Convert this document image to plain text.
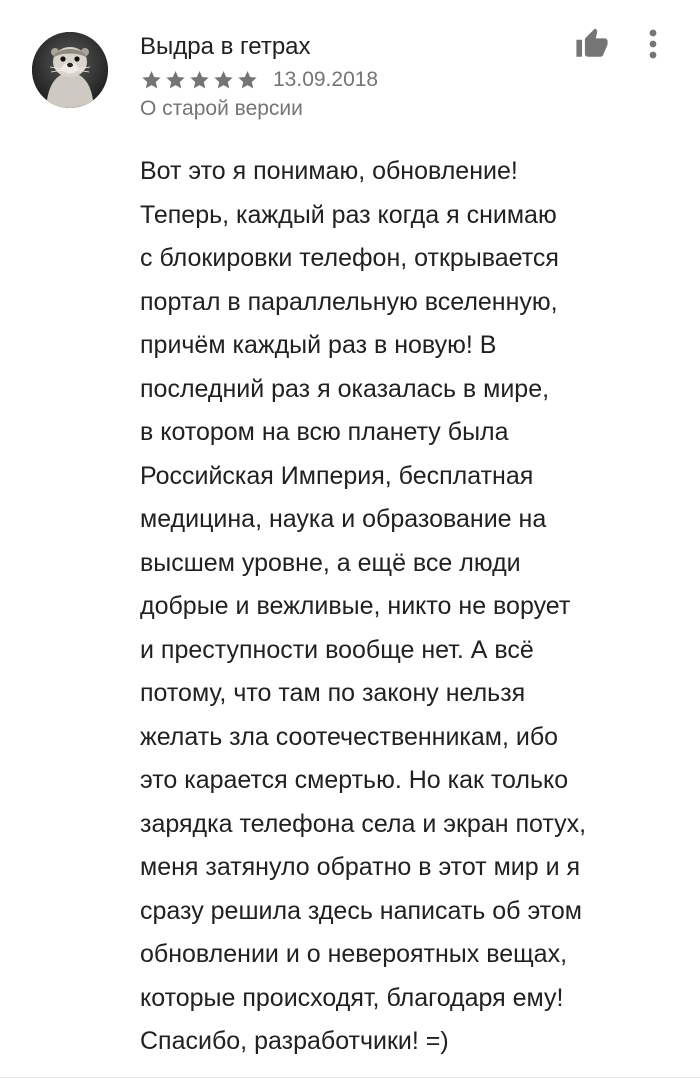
Выдра в гетрах
13.09.2018
О старой версии

Вот это я понимаю, обновление!
Теперь, каждый раз когда я снимаю
с блокировки телефон, открывается
портал в параллельную вселенную,
причём каждый раз в новую! В
последний раз я оказалась в мире,
в котором на всю планету была
Российская Империя, бесплатная
медицина, наука и образование на
высшем уровне, а ещё все люди
добрые и вежливые, никто не ворует
и преступности вообще нет. А всё
потому, что там по закону нельзя
желать зла соотечественникам, ибо
это карается смертью. Но как только
зарядка телефона села и экран потух,
меня затянуло обратно в этот мир и я
сразу решила здесь написать об этом
обновлении и о невероятных вещах,
которые происходят, благодаря ему!
Спасибо, разработчики! =)
